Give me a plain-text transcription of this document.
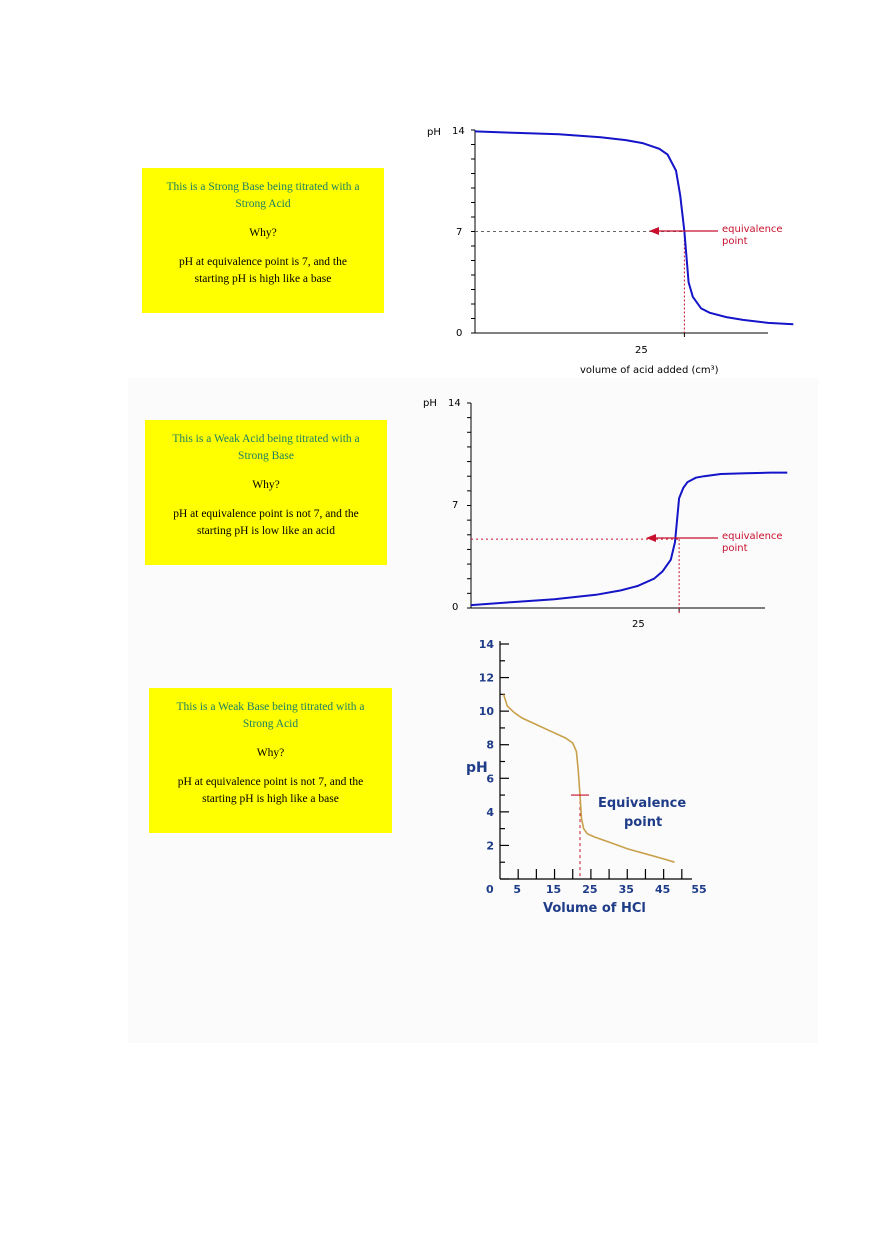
This is a Strong Base being titrated with a Strong Acid
Why?
pH at equivalence point is 7, and the starting pH is high like a base
This is a Weak Acid being titrated with a Strong Base
Why?
pH at equivalence point is not 7, and the starting pH is low like an acid
This is a Weak Base being titrated with a Strong Acid
Why?
pH at equivalence point is not 7, and the starting pH is high like a base
pH 14
7
0
25
equivalence
point
volume of acid added (cm³)
pH 14
7
0
25
equivalence
point
pH
14
12
10
8
6
4
2
5 15 25 35 45 55
0
Equivalence
point
Volume of HCl
